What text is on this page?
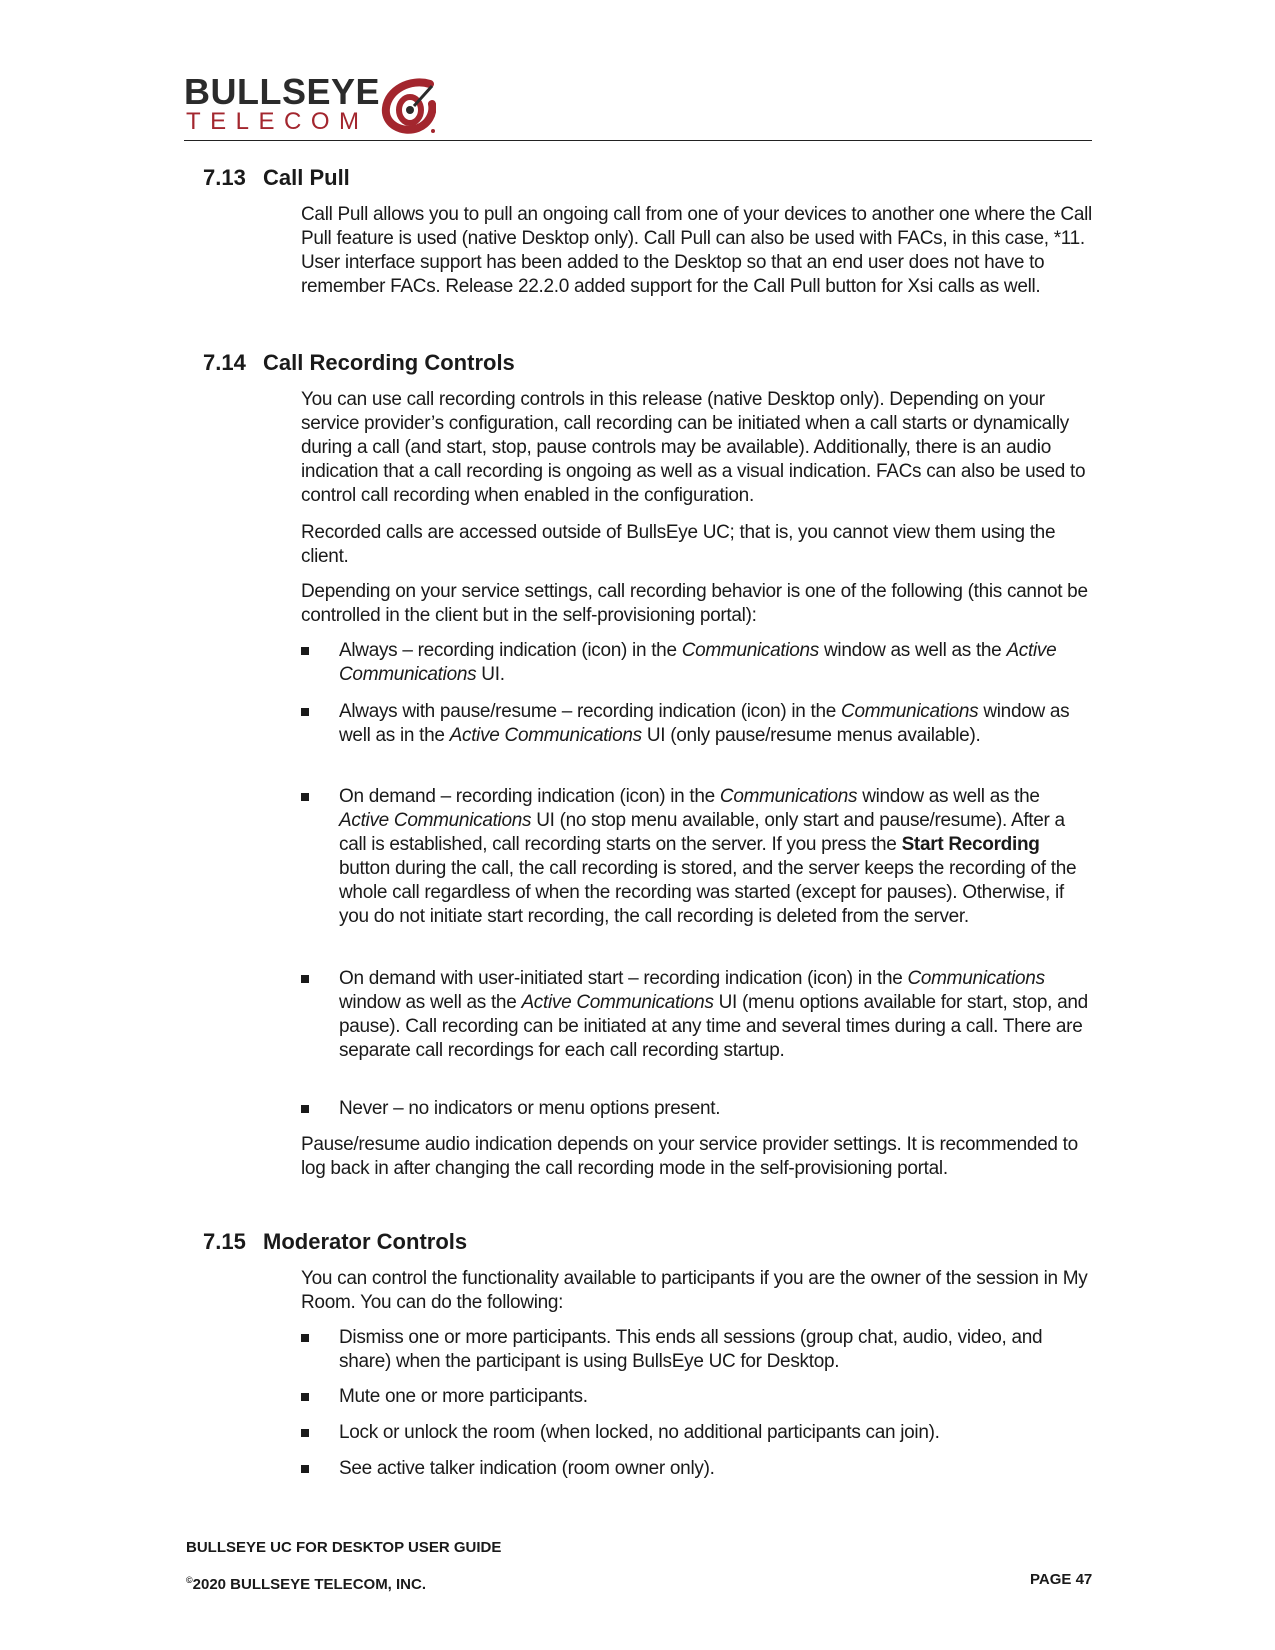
BULLSEYE
TELECOM
7.13 Call Pull

Call Pull allows you to pull an ongoing call from one of your devices to another one where the Call Pull feature is used (native Desktop only). Call Pull can also be used with FACs, in this case, *11. User interface support has been added to the Desktop so that an end user does not have to remember FACs. Release 22.2.0 added support for the Call Pull button for Xsi calls as well.

7.14 Call Recording Controls

You can use call recording controls in this release (native Desktop only). Depending on your service provider’s configuration, call recording can be initiated when a call starts or dynamically during a call (and start, stop, pause controls may be available). Additionally, there is an audio indication that a call recording is ongoing as well as a visual indication. FACs can also be used to control call recording when enabled in the configuration.

Recorded calls are accessed outside of BullsEye UC; that is, you cannot view them using the client.

Depending on your service settings, call recording behavior is one of the following (this cannot be controlled in the client but in the self-provisioning portal):

Always – recording indication (icon) in the Communications window as well as the Active Communications UI.
Always with pause/resume – recording indication (icon) in the Communications window as well as in the Active Communications UI (only pause/resume menus available).
On demand – recording indication (icon) in the Communications window as well as the Active Communications UI (no stop menu available, only start and pause/resume). After a call is established, call recording starts on the server. If you press the Start Recording button during the call, the call recording is stored, and the server keeps the recording of the whole call regardless of when the recording was started (except for pauses). Otherwise, if you do not initiate start recording, the call recording is deleted from the server.
On demand with user-initiated start – recording indication (icon) in the Communications window as well as the Active Communications UI (menu options available for start, stop, and pause). Call recording can be initiated at any time and several times during a call. There are separate call recordings for each call recording startup.
Never – no indicators or menu options present.

Pause/resume audio indication depends on your service provider settings. It is recommended to log back in after changing the call recording mode in the self-provisioning portal.

7.15 Moderator Controls

You can control the functionality available to participants if you are the owner of the session in My Room. You can do the following:

Dismiss one or more participants. This ends all sessions (group chat, audio, video, and share) when the participant is using BullsEye UC for Desktop.
Mute one or more participants.
Lock or unlock the room (when locked, no additional participants can join).
See active talker indication (room owner only).
BULLSEYE UC FOR DESKTOP USER GUIDE
©2020 BULLSEYE TELECOM, INC.	PAGE 47
